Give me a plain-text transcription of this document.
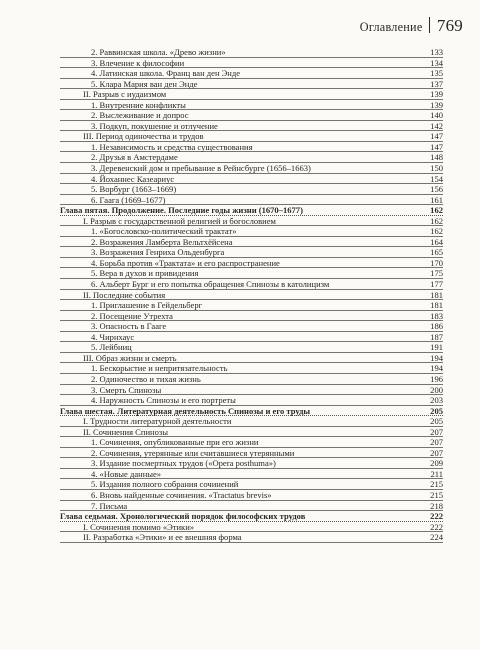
Оглавление 769
2. Раввинская школа. «Древо жизни»	133
3. Влечение к философии	134
4. Латинская школа. Франц ван ден Энде	135
5. Клара Мария ван ден Энде	137
II. Разрыв с иудаизмом	139
1. Внутренние конфликты	139
2. Выслеживание и допрос	140
3. Подкуп, покушение и отлучение	142
III. Период одиночества и трудов	147
1. Независимость и средства существования	147
2. Друзья в Амстердаме	148
3. Деревенский дом и пребывание в Рейнсбурге (1656–1663)	150
4. Йоханнес Казеариус	154
5. Ворбург (1663–1669)	156
6. Гаага (1669–1677)	161
Глава пятая. Продолжение. Последние годы жизни (1670–1677)	162
I. Разрыв с государственной религией и богословием	162
1. «Богословско-политический трактат»	162
2. Возражения Ламберта Вельтхёйсена	164
3. Возражения Генриха Ольденбурга	165
4. Борьба против «Трактата» и его распространение	170
5. Вера в духов и привидения	175
6. Альберт Бург и его попытка обращения Спинозы в католицизм	177
II. Последние события	181
1. Приглашение в Гейдельберг	181
2. Посещение Утрехта	183
3. Опасность в Гааге	186
4. Чирнхаус	187
5. Лейбниц	191
III. Образ жизни и смерть	194
1. Бескорыстие и непритязательность	194
2. Одиночество и тихая жизнь	196
3. Смерть Спинозы	200
4. Наружность Спинозы и его портреты	203
Глава шестая. Литературная деятельность Спинозы и его труды	205
I. Трудности литературной деятельности	205
II. Сочинения Спинозы	207
1. Сочинения, опубликованные при его жизни	207
2. Сочинения, утерянные или считавшиеся утерянными	207
3. Издание посмертных трудов («Opera posthuma»)	209
4. «Новые данные»	211
5. Издания полного собрания сочинений	215
6. Вновь найденные сочинения. «Tractatus brevis»	215
7. Письма	218
Глава седьмая. Хронологический порядок философских трудов	222
I. Сочинения помимо «Этики»	222
II. Разработка «Этики» и ее внешняя форма	224
